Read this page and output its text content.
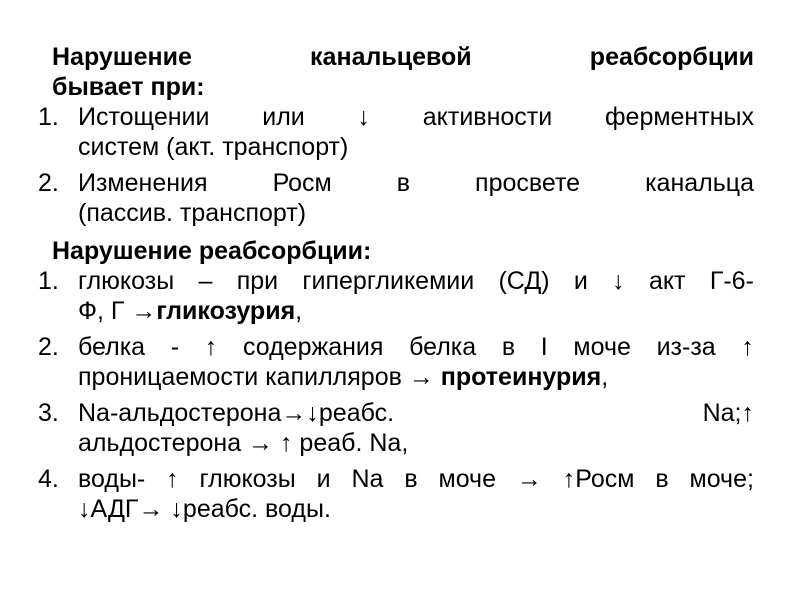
Нарушение	канальцевой	реабсорбции
бывает при:
1. Истощении или ↓ активности ферментных
систем (акт. транспорт)
2. Изменения	Росм	в	просвете	канальца
(пассив. транспорт)
Нарушение реабсорбции:
1. глюкозы – при гипергликемии (СД) и ↓ акт Г-6-
Ф, Г →гликозурия,
2. белка - ↑ содержания белка в I моче из-за ↑
проницаемости капилляров → протеинурия,
3. Na-альдостерона→↓реабс.	Na;↑
альдостерона → ↑ реаб. Na,
4. воды- ↑ глюкозы и Na в моче → ↑Росм в моче;
↓АДГ→ ↓реабс. воды.
